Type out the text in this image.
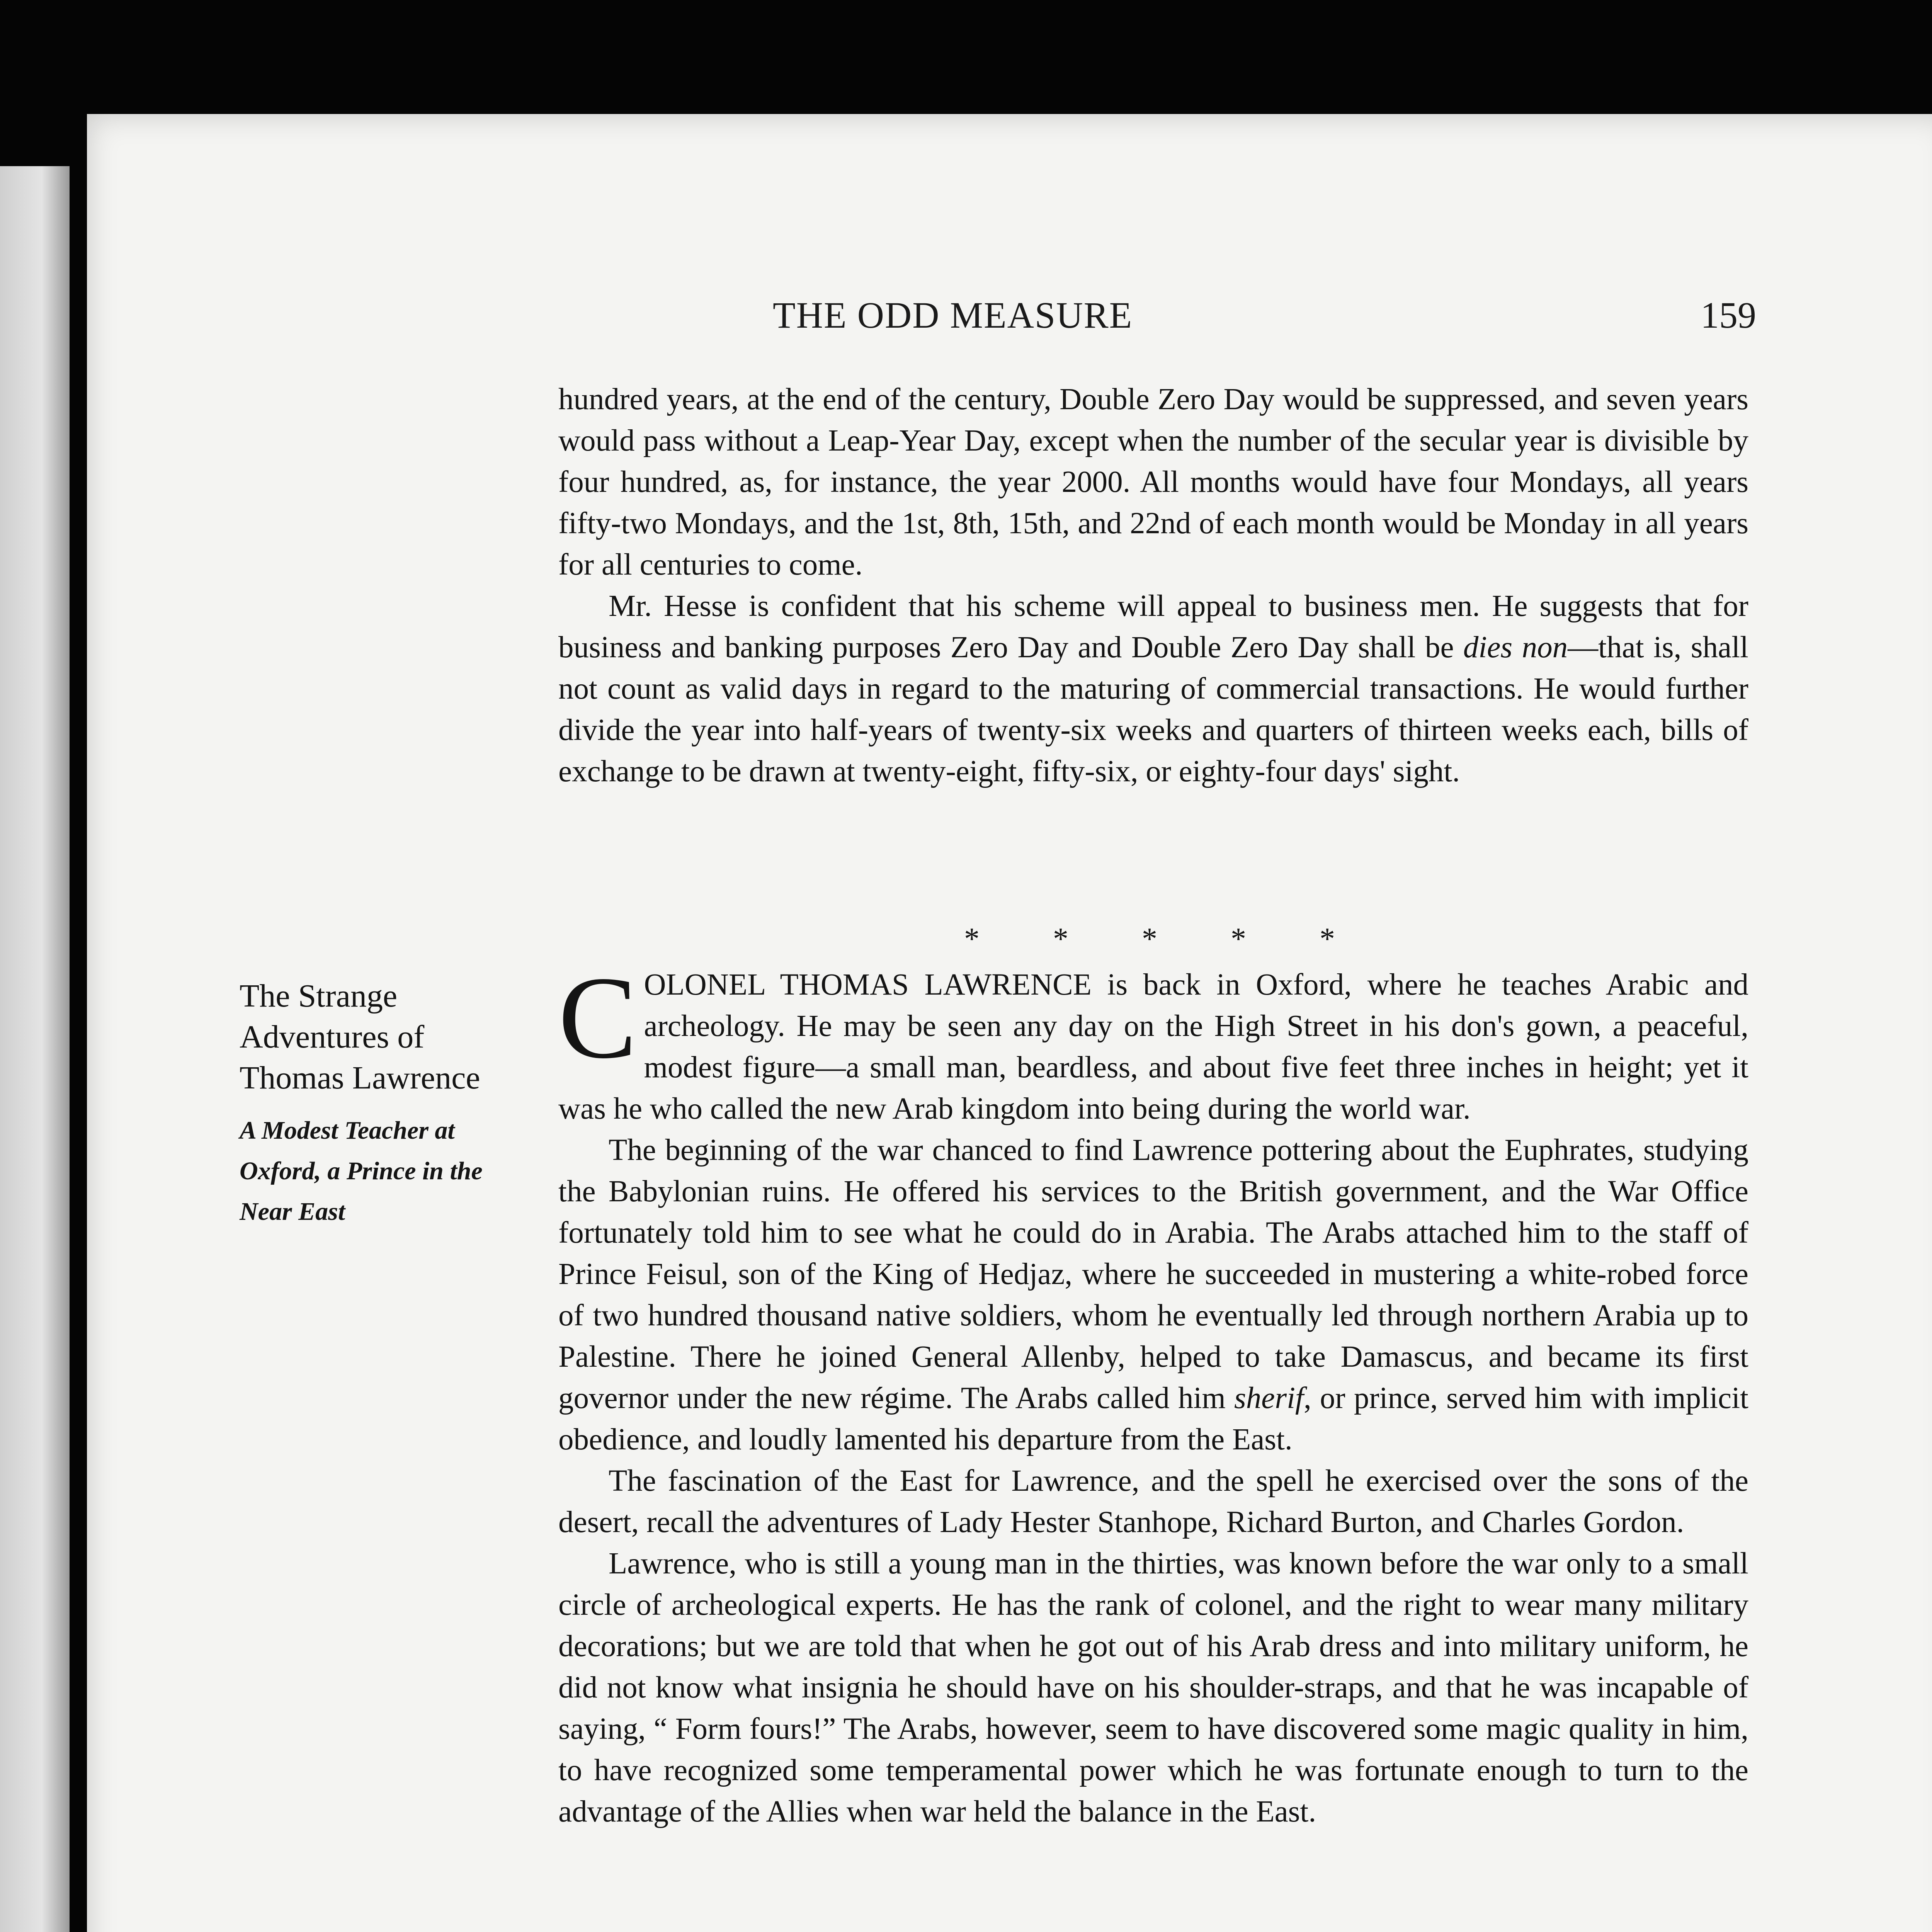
THE ODD MEASURE	159

hundred years, at the end of the century, Double Zero Day would be suppressed, and seven years would pass without a Leap-Year Day, except when the number of the secular year is divisible by four hundred, as, for instance, the year 2000. All months would have four Mondays, all years fifty-two Mondays, and the 1st, 8th, 15th, and 22nd of each month would be Monday in all years for all centuries to come.

Mr. Hesse is confident that his scheme will appeal to business men. He suggests that for business and banking purposes Zero Day and Double Zero Day shall be dies non—that is, shall not count as valid days in regard to the maturing of commercial transactions. He would further divide the year into half-years of twenty-six weeks and quarters of thirteen weeks each, bills of exchange to be drawn at twenty-eight, fifty-six, or eighty-four days' sight.

* * * * *

The Strange Adventures of Thomas Lawrence

A Modest Teacher at Oxford, a Prince in the Near East

COLONEL THOMAS LAWRENCE is back in Oxford, where he teaches Arabic and archeology. He may be seen any day on the High Street in his don's gown, a peaceful, modest figure—a small man, beardless, and about five feet three inches in height; yet it was he who called the new Arab kingdom into being during the world war.

The beginning of the war chanced to find Lawrence pottering about the Euphrates, studying the Babylonian ruins. He offered his services to the British government, and the War Office fortunately told him to see what he could do in Arabia. The Arabs attached him to the staff of Prince Feisul, son of the King of Hedjaz, where he succeeded in mustering a white-robed force of two hundred thousand native soldiers, whom he eventually led through northern Arabia up to Palestine. There he joined General Allenby, helped to take Damascus, and became its first governor under the new régime. The Arabs called him sherif, or prince, served him with implicit obedience, and loudly lamented his departure from the East.

The fascination of the East for Lawrence, and the spell he exercised over the sons of the desert, recall the adventures of Lady Hester Stanhope, Richard Burton, and Charles Gordon.

Lawrence, who is still a young man in the thirties, was known before the war only to a small circle of archeological experts. He has the rank of colonel, and the right to wear many military decorations; but we are told that when he got out of his Arab dress and into military uniform, he did not know what insignia he should have on his shoulder-straps, and that he was incapable of saying, “ Form fours!” The Arabs, however, seem to have discovered some magic quality in him, to have recognized some temperamental power which he was fortunate enough to turn to the advantage of the Allies when war held the balance in the East.
